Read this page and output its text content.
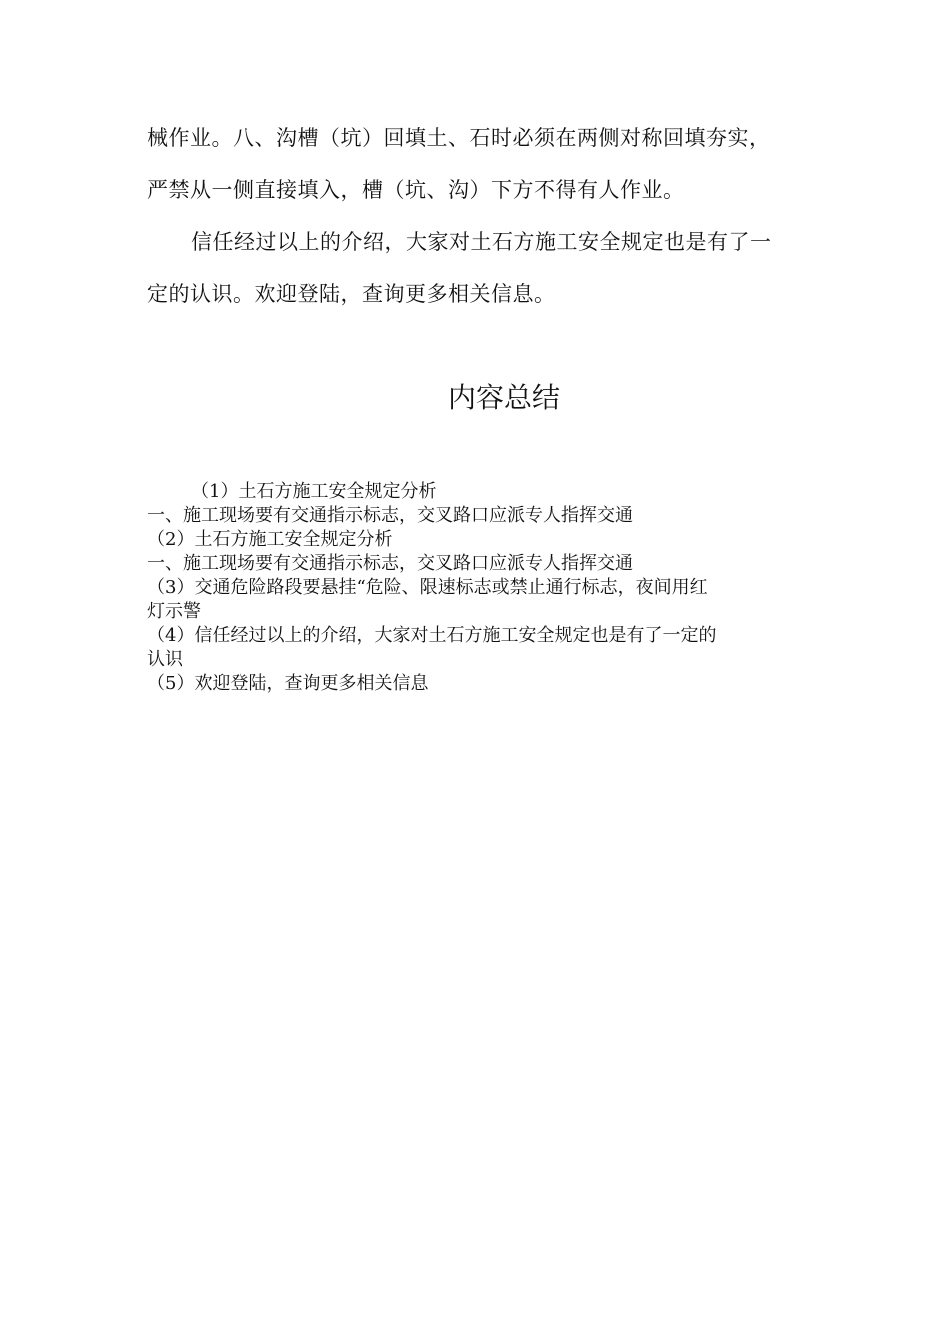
械作业。八、沟槽（坑）回填土、石时必须在两侧对称回填夯实，
严禁从一侧直接填入，槽（坑、沟）下方不得有人作业。
信任经过以上的介绍，大家对土石方施工安全规定也是有了一
定的认识。欢迎登陆，查询更多相关信息。
内容总结

（1）土石方施工安全规定分析

一、施工现场要有交通指示标志，交叉路口应派专人指挥交通

（2）土石方施工安全规定分析

一、施工现场要有交通指示标志，交叉路口应派专人指挥交通

（3）交通危险路段要悬挂“危险、限速标志或禁止通行标志，夜间用红

灯示警

（4）信任经过以上的介绍，大家对土石方施工安全规定也是有了一定的

认识

（5）欢迎登陆，查询更多相关信息
